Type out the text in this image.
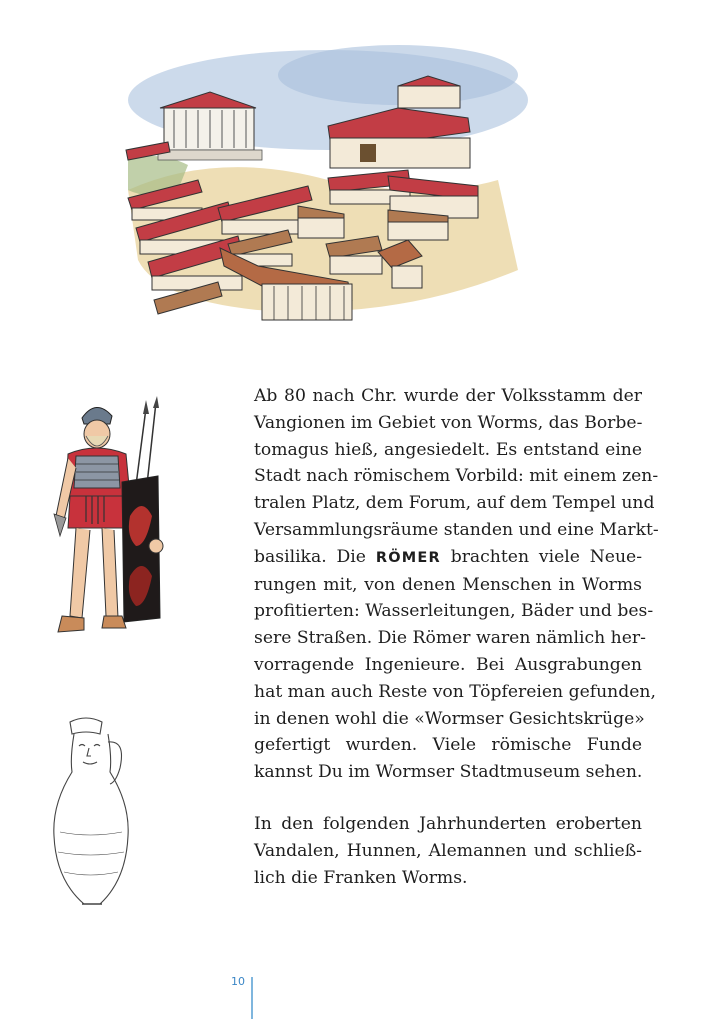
Ab 80 nach Chr. wurde der Volksstamm der
Vangionen im Gebiet von Worms, das Borbe-
tomagus hieß, angesiedelt. Es entstand eine
Stadt nach römischem Vorbild: mit einem zen-
tralen Platz, dem Forum, auf dem Tempel und
Versammlungsräume standen und eine Markt-
basilika. Die RÖMER brachten viele Neue-
rungen mit, von denen Menschen in Worms
profitierten: Wasserleitungen, Bäder und bes-
sere Straßen. Die Römer waren nämlich her-
vorragende Ingenieure. Bei Ausgrabungen
hat man auch Reste von Töpfereien gefunden,
in denen wohl die «Wormser Gesichtskrüge»
gefertigt wurden. Viele römische Funde
kannst Du im Wormser Stadtmuseum sehen.
In den folgenden Jahrhunderten eroberten
Vandalen, Hunnen, Alemannen und schließ-
lich die Franken Worms.
10
